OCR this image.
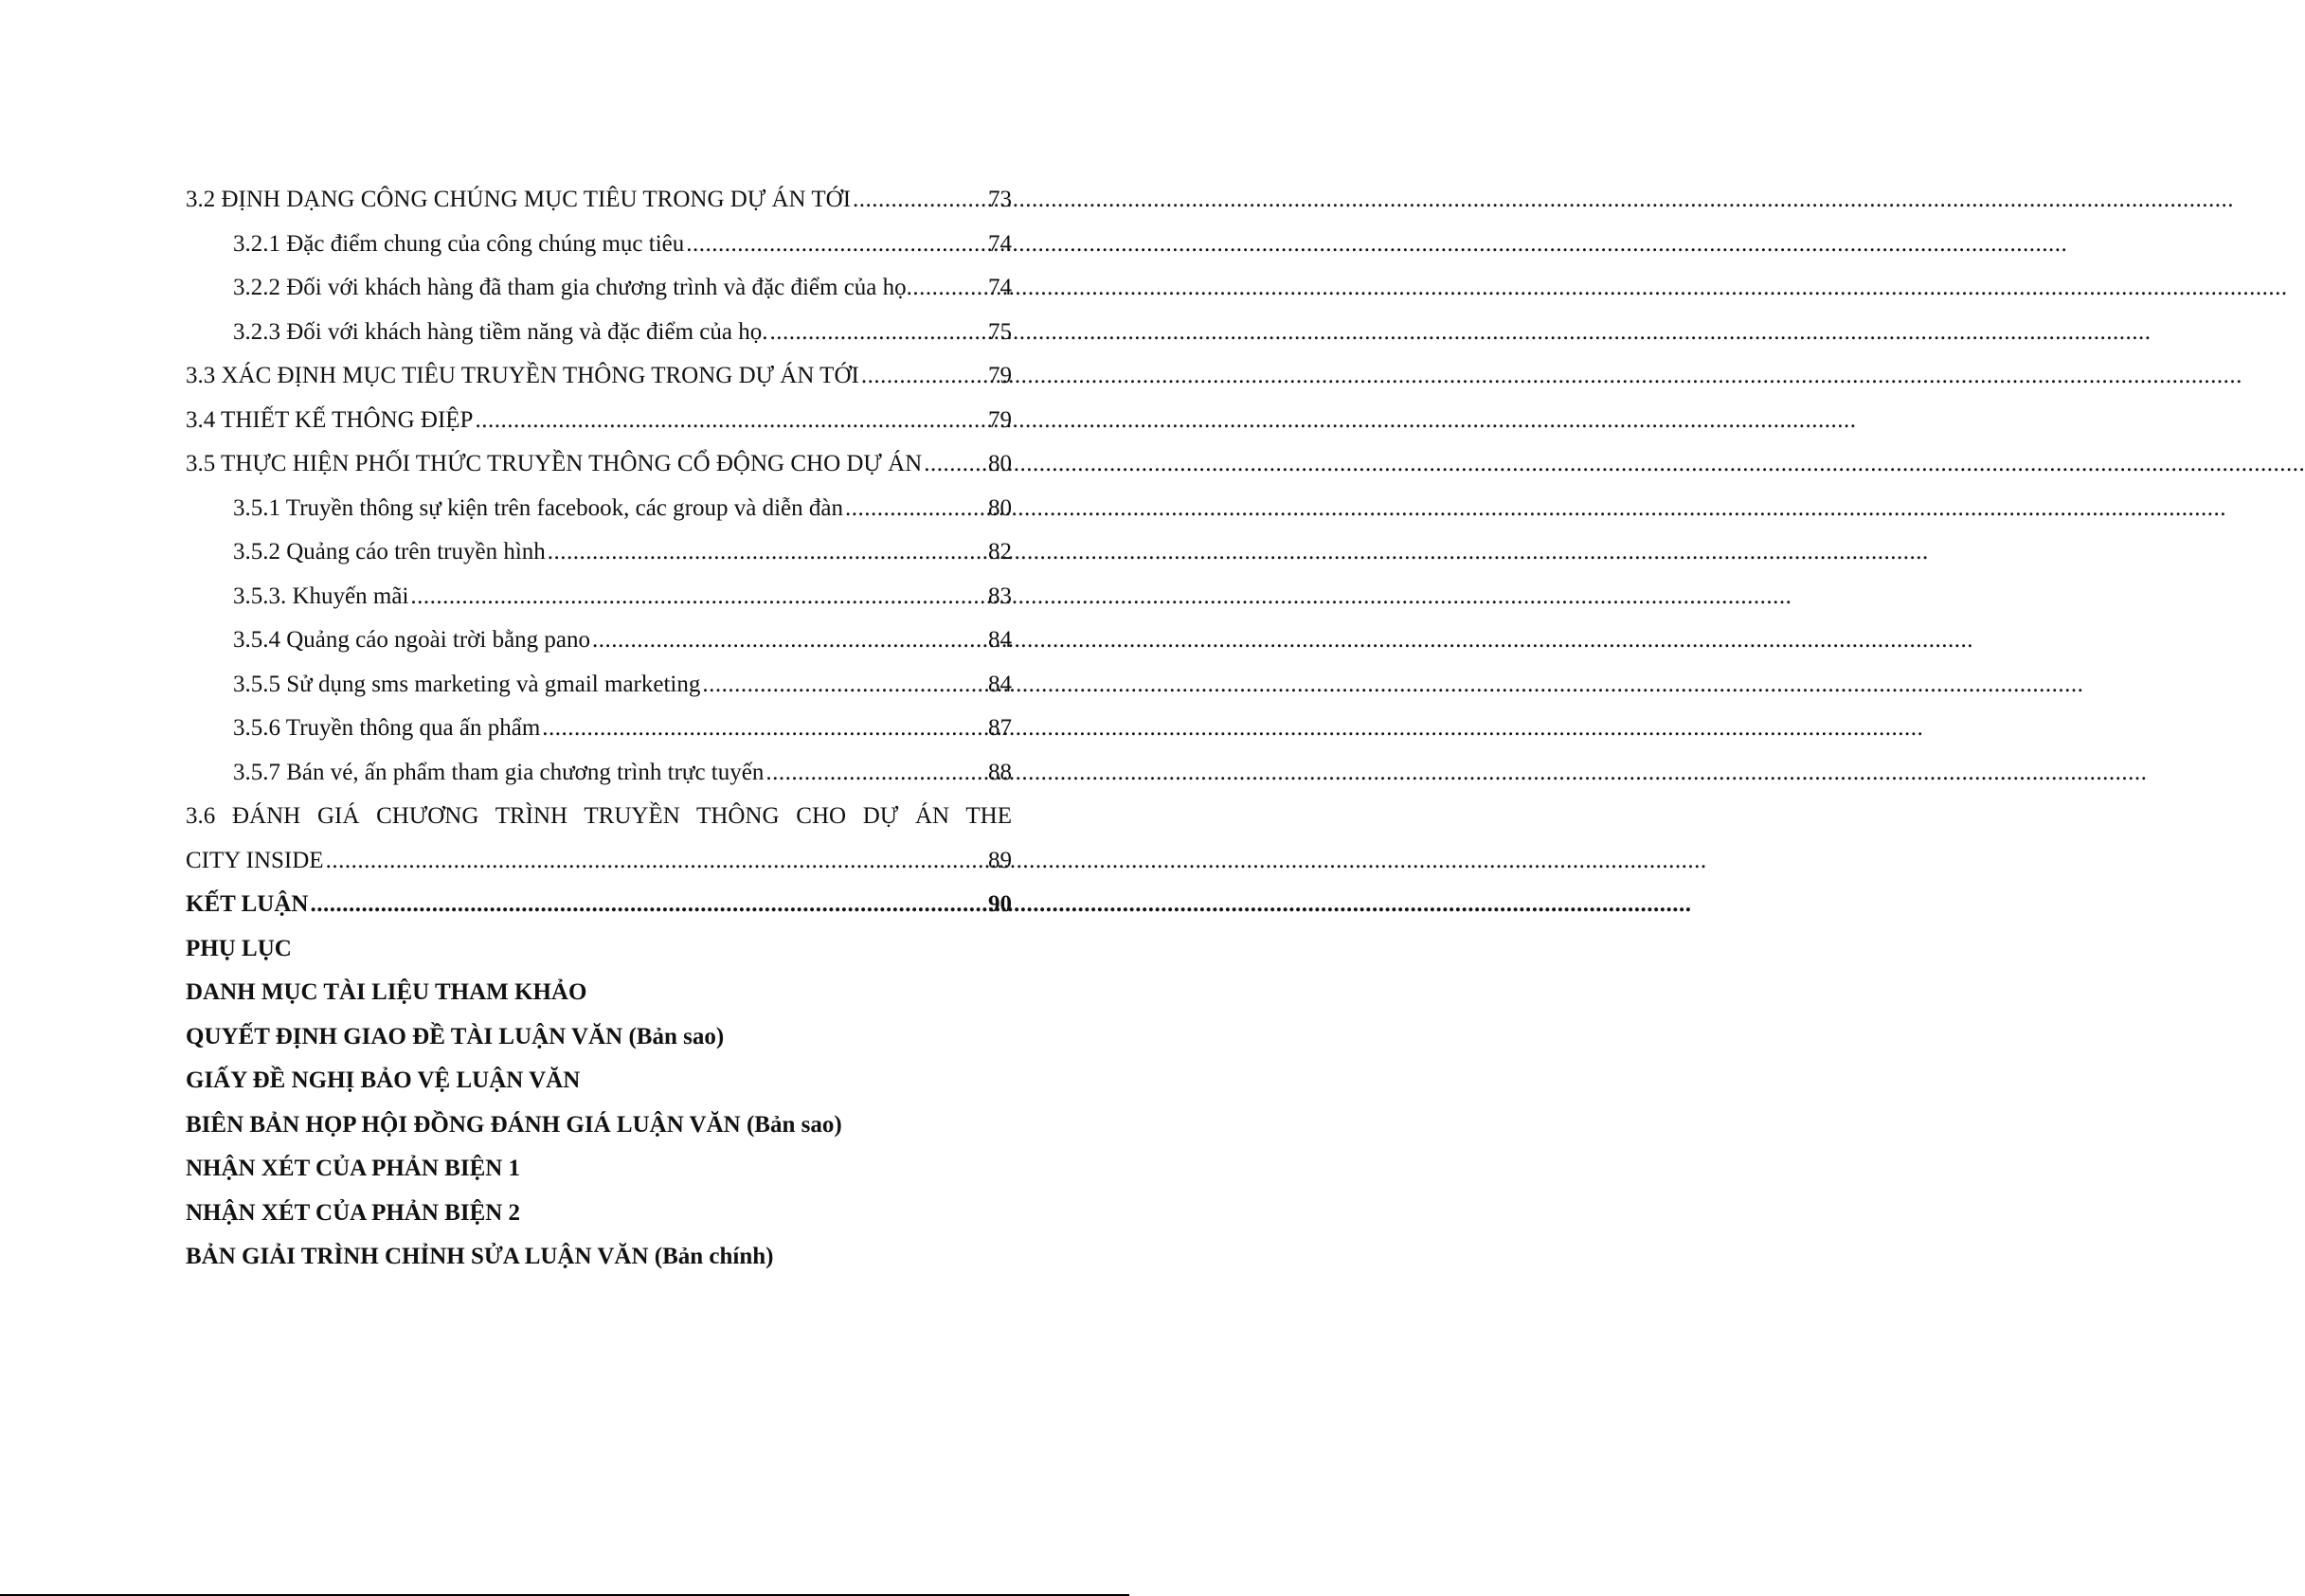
3.2 ĐỊNH DẠNG CÔNG CHÚNG MỤC TIÊU TRONG DỰ ÁN TỚI .....	73
3.2.1 Đặc điểm chung của công chúng mục tiêu .....	74
3.2.2 Đối với khách hàng đã tham gia chương trình và đặc điểm của họ .....	74
3.2.3 Đối với khách hàng tiềm năng và đặc điểm của họ. .....	75
3.3 XÁC ĐỊNH MỤC TIÊU TRUYỀN THÔNG TRONG DỰ ÁN TỚI .....	79
3.4 THIẾT KẾ THÔNG ĐIỆP .....	79
3.5 THỰC HIỆN PHỐI THỨC TRUYỀN THÔNG CỔ ĐỘNG CHO DỰ ÁN .....	80
3.5.1 Truyền thông sự kiện trên facebook, các group và diễn đàn .....	80
3.5.2 Quảng cáo trên truyền hình .....	82
3.5.3. Khuyến mãi .....	83
3.5.4 Quảng cáo ngoài trời bằng pano .....	84
3.5.5 Sử dụng sms marketing và gmail marketing .....	84
3.5.6 Truyền thông qua ấn phẩm .....	87
3.5.7 Bán vé, ấn phẩm tham gia chương trình trực tuyến .....	88
3.6 ĐÁNH GIÁ CHƯƠNG TRÌNH TRUYỀN THÔNG CHO DỰ ÁN THE
CITY INSIDE .....	89
KẾT LUẬN .....	90
PHỤ LỤC
DANH MỤC TÀI LIỆU THAM KHẢO
QUYẾT ĐỊNH GIAO ĐỀ TÀI LUẬN VĂN (Bản sao)
GIẤY ĐỀ NGHỊ BẢO VỆ LUẬN VĂN
BIÊN BẢN HỌP HỘI ĐỒNG ĐÁNH GIÁ LUẬN VĂN (Bản sao)
NHẬN XÉT CỦA PHẢN BIỆN 1
NHẬN XÉT CỦA PHẢN BIỆN 2
BẢN GIẢI TRÌNH CHỈNH SỬA LUẬN VĂN (Bản chính)
